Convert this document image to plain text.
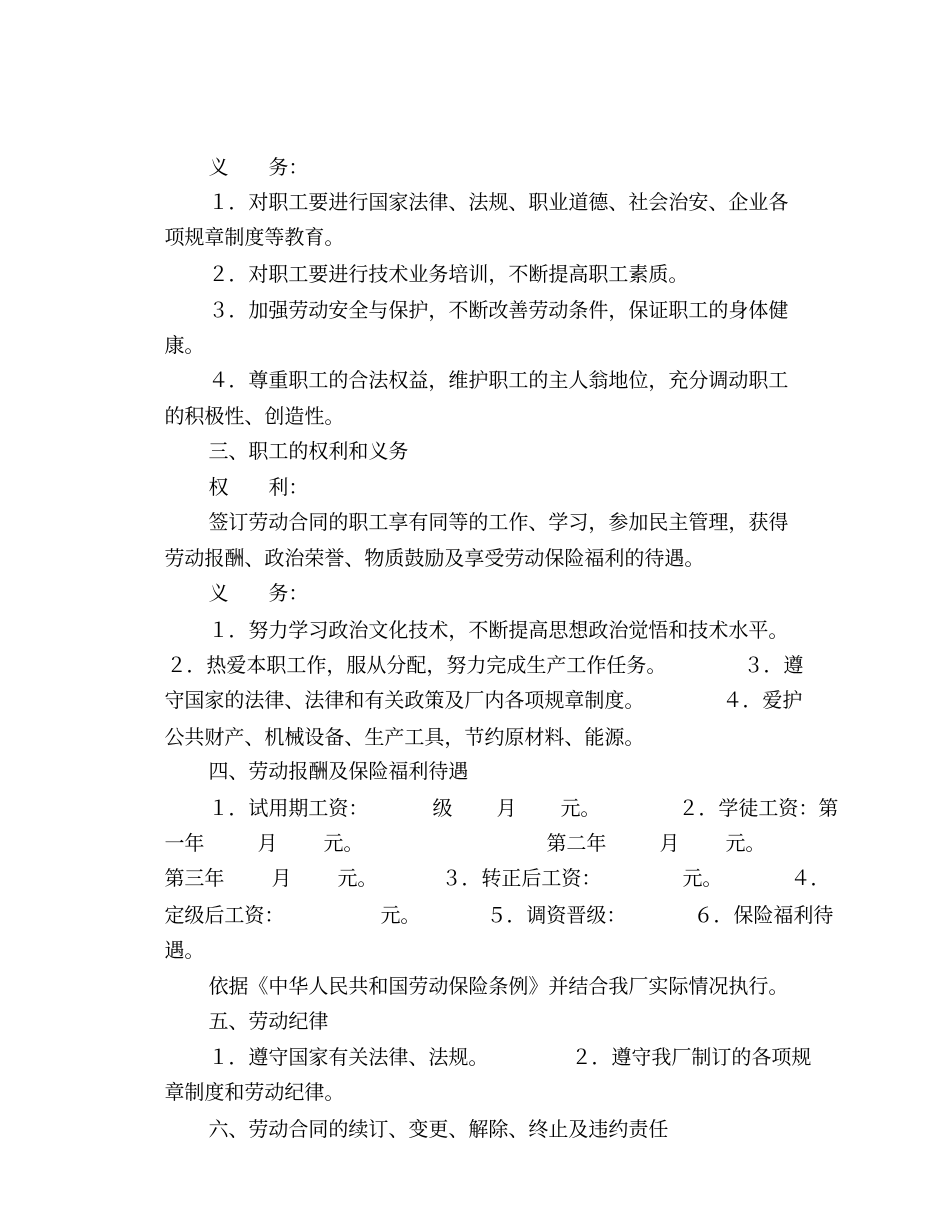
义　　务：

１．对职工要进行国家法律、法规、职业道德、社会治安、企业各

项规章制度等教育。

２．对职工要进行技术业务培训，不断提高职工素质。

３．加强劳动安全与保护，不断改善劳动条件，保证职工的身体健

康。

４．尊重职工的合法权益，维护职工的主人翁地位，充分调动职工

的积极性、创造性。

三、职工的权利和义务

权　　利：

签订劳动合同的职工享有同等的工作、学习，参加民主管理，获得

劳动报酬、政治荣誉、物质鼓励及享受劳动保险福利的待遇。

义　　务：

１．努力学习政治文化技术，不断提高思想政治觉悟和技术水平。

２．热爱本职工作，服从分配，努力完成生产工作任务。	３．遵

守国家的法律、法律和有关政策及厂内各项规章制度。	４．爱护

公共财产、机械设备、生产工具，节约原材料、能源。

四、劳动报酬及保险福利待遇

１．试用期工资：	级 月 元。	２．学徒工资：第

一年	月 元。	第二年	月 元。

第三年 月 元。	３．转正后工资：	元。	４．

定级后工资：	元。	５．调资晋级：	６．保险福利待

遇。

依据《中华人民共和国劳动保险条例》并结合我厂实际情况执行。

五、劳动纪律

１．遵守国家有关法律、法规。	２．遵守我厂制订的各项规

章制度和劳动纪律。

六、劳动合同的续订、变更、解除、终止及违约责任
